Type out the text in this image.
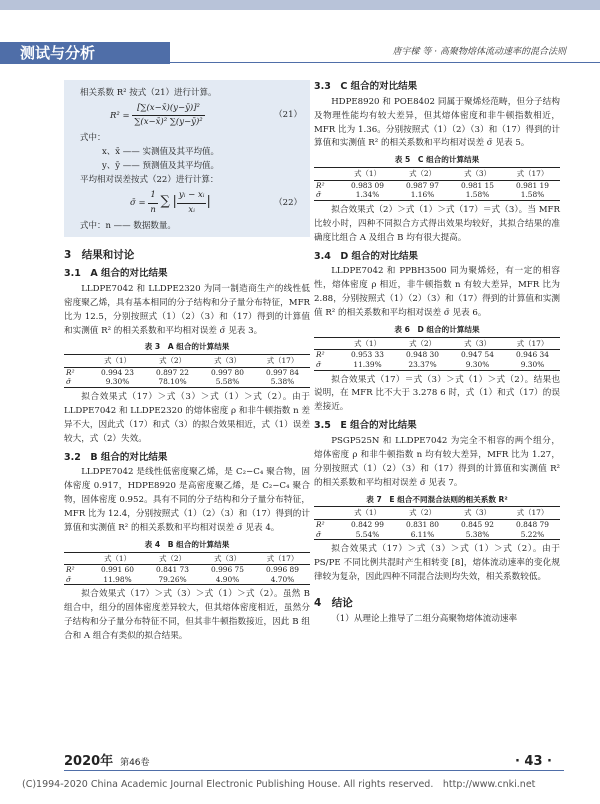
测试与分析	唐宇樑 等 · 高聚物熔体流动速率的混合法则

相关系数 R² 按式（21）进行计算。

$R^2 = \frac{\text{[∑(x−x̄)(y−ȳ)]²}}{\text{∑(x−x̄)² ∑(y−ȳ)²}}$	（21）

式中：

x、x̄ —— 实测值及其平均值。

y、ȳ —— 预测值及其平均值。

平均相对误差按式（22）进行计算：

σ̄ = $\frac{1}{n}$ ∑ | $\frac{\text{yᵢ − xᵢ}}{\text{xᵢ}}$ |	（22）

式中：n —— 数据数量。

3　结果和讨论
3.1　A 组合的对比结果

LLDPE7042 和 LLDPE2320 为同一制造商生产的线性低密度聚乙烯，具有基本相同的分子结构和分子量分布特征，MFR 比为 12.5，分别按照式（1）（2）（3）和（17）得到的计算值和实测值 R² 的相关系数和平均相对误差 σ̄ 见表 3。

表 3　A 组合的计算结果
	式（1）	式（2）	式（3）	式（17）
R²	0.994 23	0.897 22	0.997 80	0.997 84
σ̄	9.30%	78.10%	5.58%	5.38%

拟合效果式（17）＞式（3）＞式（1）＞式（2）。由于 LLDPE7042 和 LLDPE2320 的熔体密度 ρ 和非牛顿指数 n 差异不大，因此式（17）和式（3）的拟合效果相近，式（1）误差较大，式（2）失效。

3.2　B 组合的对比结果

LLDPE7042 是线性低密度聚乙烯，是 C₂−C₄ 聚合物，固体密度 0.917，HDPE8920 是高密度聚乙烯，是 C₂−C₄ 聚合物，固体密度 0.952。具有不同的分子结构和分子量分布特征，MFR 比为 12.4，分别按照式（1）（2）（3）和（17）得到的计算值和实测值 R² 的相关系数和平均相对误差 σ̄ 见表 4。

表 4　B 组合的计算结果
	式（1）	式（2）	式（3）	式（17）
R²	0.991 60	0.841 73	0.996 75	0.996 89
σ̄	11.98%	79.26%	4.90%	4.70%

拟合效果式（17）＞式（3）＞式（1）＞式（2）。虽然 B 组合中，组分的固体密度差异较大，但其熔体密度相近，虽然分子结构和分子量分布特征不同，但其非牛顿指数接近，因此 B 组合和 A 组合有类似的拟合结果。

3.3　C 组合的对比结果

HDPE8920 和 POE8402 同属于聚烯烃范畴，但分子结构及物理性能均有较大差异，但其熔体密度和非牛顿指数相近，MFR 比为 1.36。分别按照式（1）（2）（3）和（17）得到的计算值和实测值 R² 的相关系数和平均相对误差 σ̄ 见表 5。

表 5　C 组合的计算结果
	式（1）	式（2）	式（3）	式（17）
R²	0.983 09	0.987 97	0.981 15	0.981 19
σ̄	1.34%	1.16%	1.58%	1.58%

拟合效果式（2）＞式（1）＞式（17）＝式（3）。当 MFR 比较小时，四种不同拟合方式得出效果均较好，其拟合结果的准确度比组合 A 及组合 B 均有很大提高。

3.4　D 组合的对比结果

LLDPE7042 和 PPBH3500 同为聚烯烃，有一定的相容性，熔体密度 ρ 相近，非牛顿指数 n 有较大差异，MFR 比为 2.88，分别按照式（1）（2）（3）和（17）得到的计算值和实测值 R² 的相关系数和平均相对误差 σ̄ 见表 6。

表 6　D 组合的计算结果
	式（1）	式（2）	式（3）	式（17）
R²	0.953 33	0.948 30	0.947 54	0.946 34
σ̄	11.39%	23.37%	9.30%	9.30%

拟合效果式（17）＝式（3）＞式（1）＞式（2）。结果也说明，在 MFR 比不大于 3.278 6 时，式（1）和式（17）的误差接近。

3.5　E 组合的对比结果

PSGP525N 和 LLDPE7042 为完全不相容的两个组分，熔体密度 ρ 和非牛顿指数 n 均有较大差异，MFR 比为 1.27，分别按照式（1）（2）（3）和（17）得到的计算值和实测值 R² 的相关系数和平均相对误差 σ̄ 见表 7。

表 7　E 组合不同混合法则的相关系数 R²
	式（1）	式（2）	式（3）	式（17）
R²	0.842 99	0.831 80	0.845 92	0.848 79
σ̄	5.54%	6.11%	5.38%	5.22%

拟合效果式（17）＞式（3）＞式（1）＞式（2）。由于 PS/PE 不同比例共混时产生相转变 [8]，熔体流动速率的变化规律较为复杂，因此四种不同混合法则均失效，相关系数较低。

4　结论

（1）从理论上推导了二组分高聚物熔体流动速率

2020年 第46卷	· 43 ·
(C)1994-2020 China Academic Journal Electronic Publishing House. All rights reserved.　http://www.cnki.net
